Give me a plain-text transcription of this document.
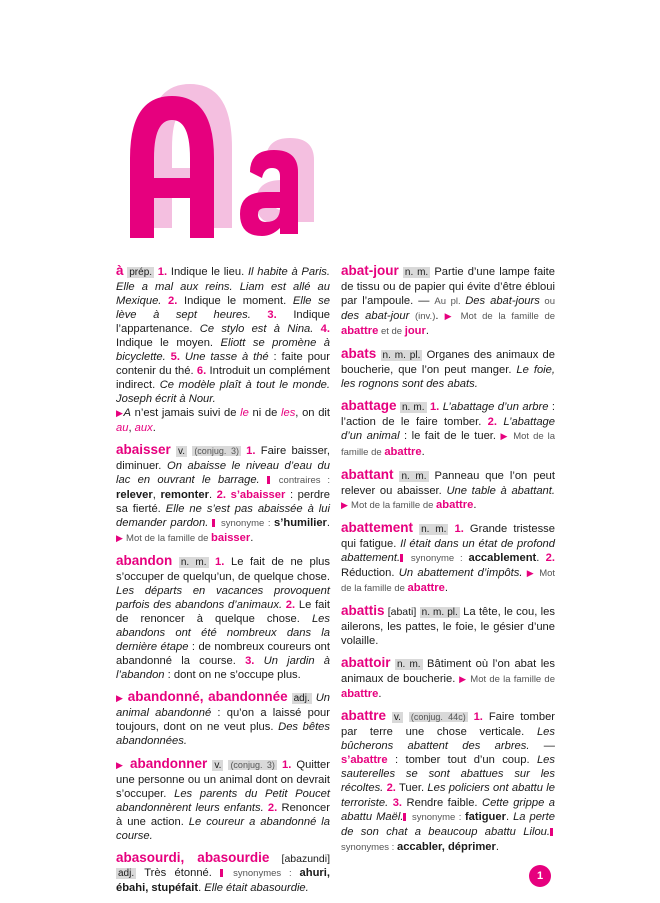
à prép. 1. Indique le lieu. Il habite à Paris. Elle a mal aux reins. Liam est allé au Mexique. 2. Indique le moment. Elle se lève à sept heures. 3. Indique l’appartenance. Ce stylo est à Nina. 4. Indique le moyen. Eliott se promène à bicyclette. 5. Une tasse à thé : faite pour contenir du thé. 6. Introduit un complément indirect. Ce modèle plaît à tout le monde. Joseph écrit à Nour.
▶A n’est jamais suivi de le ni de les, on dit au, aux.
abaisser v. (conjug. 3) 1. Faire baisser, diminuer. On abaisse le niveau d’eau du lac en ouvrant le barrage.  contraires : relever, remonter. 2. s’abaisser : perdre sa fierté. Elle ne s’est pas abaissée à lui demander pardon.  synonyme : s’humilier. ▶ Mot de la famille de baisser.
abandon n. m. 1. Le fait de ne plus s’occuper de quelqu’un, de quelque chose. Les départs en vacances provoquent parfois des abandons d’animaux. 2. Le fait de renoncer à quelque chose. Les abandons ont été nombreux dans la dernière étape : de nombreux coureurs ont abandonné la course. 3. Un jardin à l’abandon : dont on ne s’occupe plus.
▶ abandonné, abandonnée adj. Un animal abandonné : qu’on a laissé pour toujours, dont on ne veut plus. Des bêtes abandonnées.
▶ abandonner v. (conjug. 3) 1. Quitter une personne ou un animal dont on devrait s’occuper. Les parents du Petit Poucet abandonnèrent leurs enfants. 2. Renoncer à une action. Le coureur a abandonné la course.
abasourdi, abasourdie [abazundi] adj. Très étonné.  synonymes : ahuri, ébahi, stupéfait. Elle était abasourdie.
abat-jour n. m. Partie d’une lampe faite de tissu ou de papier qui évite d’être ébloui par l’ampoule. — Au pl. Des abat-jours ou des abat-jour (inv.). ▶ Mot de la famille de abattre et de jour.
abats n. m. pl. Organes des animaux de boucherie, que l’on peut manger. Le foie, les rognons sont des abats.
abattage n. m. 1. L’abattage d’un arbre : l’action de le faire tomber. 2. L’abattage d’un animal : le fait de le tuer. ▶ Mot de la famille de abattre.
abattant n. m. Panneau que l’on peut relever ou abaisser. Une table à abattant. ▶ Mot de la famille de abattre.
abattement n. m. 1. Grande tristesse qui fatigue. Il était dans un état de profond abattement. synonyme : accablement. 2. Réduction. Un abattement d’impôts. ▶ Mot de la famille de abattre.
abattis [abati] n. m. pl. La tête, le cou, les ailerons, les pattes, le foie, le gésier d’une volaille.
abattoir n. m. Bâtiment où l’on abat les animaux de boucherie. ▶ Mot de la famille de abattre.
abattre v. (conjug. 44c) 1. Faire tomber par terre une chose verticale. Les bûcherons abattent des arbres. — s’abattre : tomber tout d’un coup. Les sauterelles se sont abattues sur les récoltes. 2. Tuer. Les policiers ont abattu le terroriste. 3. Rendre faible. Cette grippe a abattu Maël. synonyme : fatiguer. La perte de son chat a beaucoup abattu Lilou. synonymes : accabler, déprimer.
1
